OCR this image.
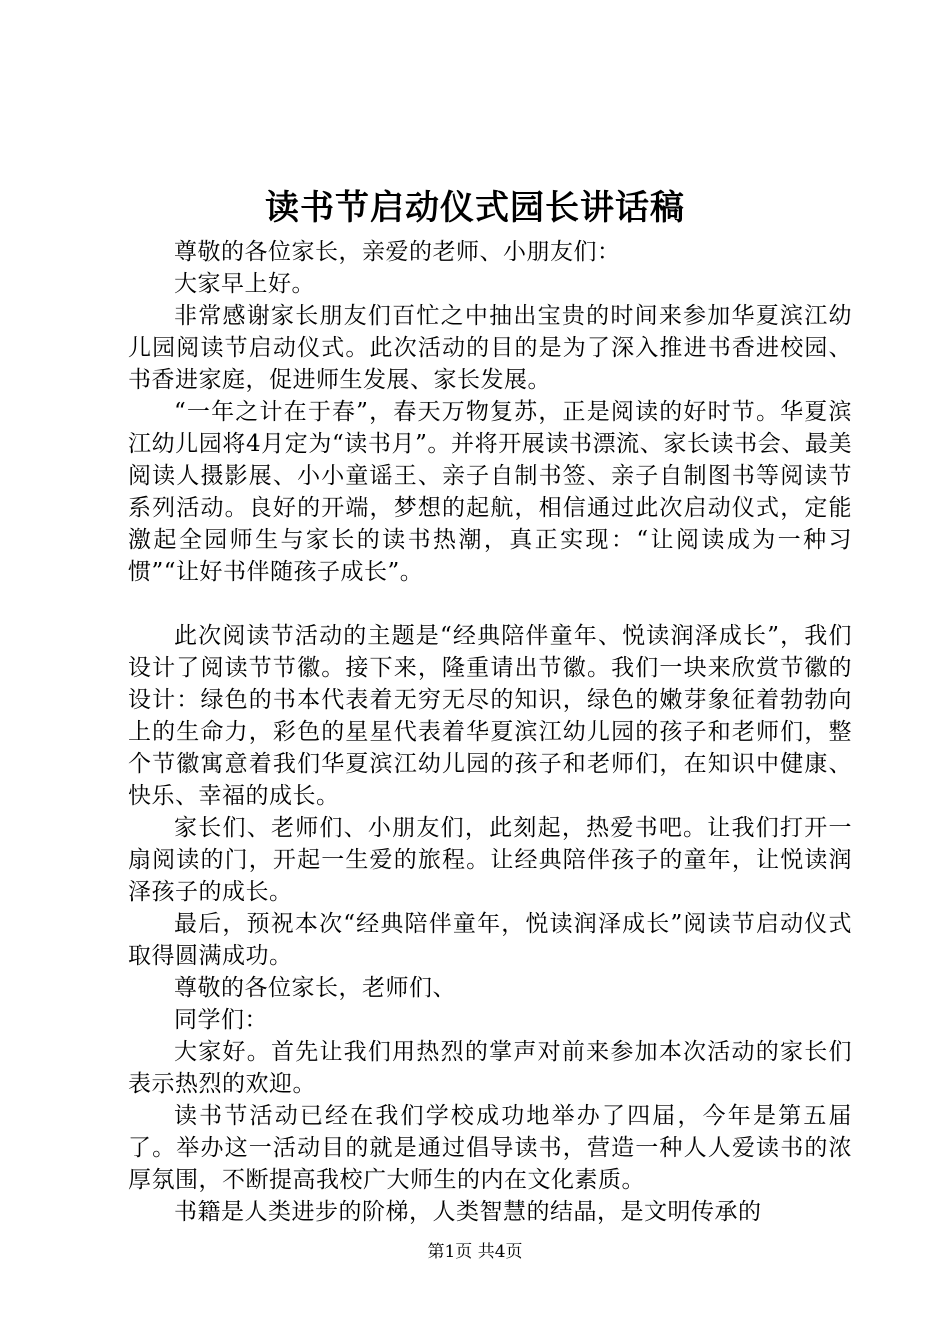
读书节启动仪式园长讲话稿

尊敬的各位家长，亲爱的老师、小朋友们：

大家早上好。

非常感谢家长朋友们百忙之中抽出宝贵的时间来参加华夏滨江幼儿园阅读节启动仪式。此次活动的目的是为了深入推进书香进校园、书香进家庭，促进师生发展、家长发展。

“一年之计在于春”，春天万物复苏，正是阅读的好时节。华夏滨江幼儿园将4月定为“读书月”。并将开展读书漂流、家长读书会、最美阅读人摄影展、小小童谣王、亲子自制书签、亲子自制图书等阅读节系列活动。良好的开端，梦想的起航，相信通过此次启动仪式，定能激起全园师生与家长的读书热潮，真正实现：“让阅读成为一种习惯”“让好书伴随孩子成长”。

此次阅读节活动的主题是“经典陪伴童年、悦读润泽成长”，我们设计了阅读节节徽。接下来，隆重请出节徽。我们一块来欣赏节徽的设计：绿色的书本代表着无穷无尽的知识，绿色的嫩芽象征着勃勃向上的生命力，彩色的星星代表着华夏滨江幼儿园的孩子和老师们，整个节徽寓意着我们华夏滨江幼儿园的孩子和老师们，在知识中健康、快乐、幸福的成长。

家长们、老师们、小朋友们，此刻起，热爱书吧。让我们打开一扇阅读的门，开起一生爱的旅程。让经典陪伴孩子的童年，让悦读润泽孩子的成长。

最后，预祝本次“经典陪伴童年，悦读润泽成长”阅读节启动仪式取得圆满成功。

尊敬的各位家长，老师们、

同学们：

大家好。首先让我们用热烈的掌声对前来参加本次活动的家长们表示热烈的欢迎。

读书节活动已经在我们学校成功地举办了四届，今年是第五届了。举办这一活动目的就是通过倡导读书，营造一种人人爱读书的浓厚氛围，不断提高我校广大师生的内在文化素质。

书籍是人类进步的阶梯，人类智慧的结晶，是文明传承的

第1页 共4页
